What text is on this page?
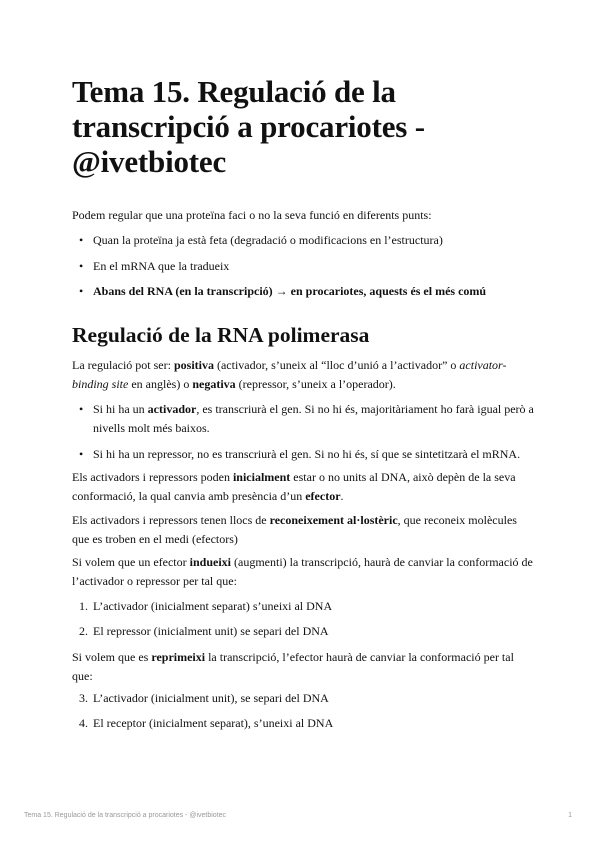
Tema 15. Regulació de la transcripció a procariotes - @ivetbiotec
Podem regular que una proteïna faci o no la seva funció en diferents punts:
• Quan la proteïna ja està feta (degradació o modificacions en l’estructura)
• En el mRNA que la tradueix
• Abans del RNA (en la transcripció) → en procariotes, aquests és el més comú
Regulació de la RNA polimerasa

La regulació pot ser: positiva (activador, s’uneix al “lloc d’unió a l’activador” o activator-binding site en anglès) o negativa (repressor, s’uneix a l’operador).

• Si hi ha un activador, es transcriurà el gen. Si no hi és, majoritàriament ho farà igual però a nivells molt més baixos.
• Si hi ha un repressor, no es transcriurà el gen. Si no hi és, sí que se sintetitzarà el mRNA.

Els activadors i repressors poden inicialment estar o no units al DNA, això depèn de la seva conformació, la qual canvia amb presència d’un efector.

Els activadors i repressors tenen llocs de reconeixement al·lostèric, que reconeix molècules que es troben en el medi (efectors)

Si volem que un efector indueixi (augmenti) la transcripció, haurà de canviar la conformació de l’activador o repressor per tal que:

1. L’activador (inicialment separat) s’uneixi al DNA
2. El repressor (inicialment unit) se separi del DNA

Si volem que es reprimeixi la transcripció, l’efector haurà de canviar la conformació per tal que:

3. L’activador (inicialment unit), se separi del DNA
4. El receptor (inicialment separat), s’uneixi al DNA
Tema 15. Regulació de la transcripció a procariotes - @ivetbiotec	1
